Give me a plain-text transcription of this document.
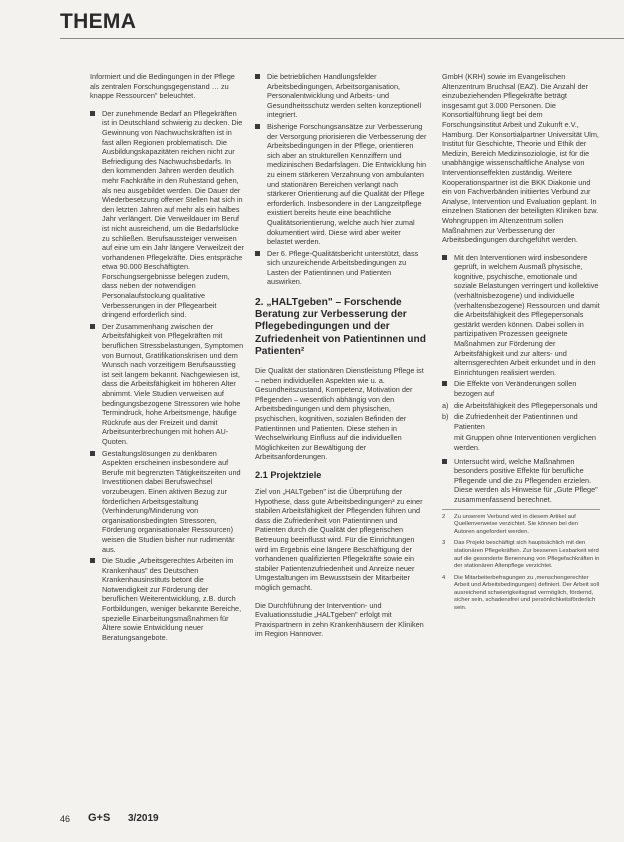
THEMA

Informiert und die Bedingungen in der Pflege als zentralen Forschungsgegenstand … zu knappe Ressourcen" beleuchtet.

Der zunehmende Bedarf an Pflegekräften ist in Deutschland schwierig zu decken. Die Gewinnung von Nachwuchskräften ist in fast allen Regionen problematisch. Die Ausbildungskapazitäten reichen nicht zur Befriedigung des Nachwuchsbedarfs. In den kommenden Jahren werden deutlich mehr Fachkräfte in den Ruhestand gehen, als neu ausgebildet werden. Die Dauer der Wiederbesetzung offener Stellen hat sich in den letzten Jahren auf mehr als ein halbes Jahr verlängert. Die Verweildauer im Beruf ist nicht ausreichend, um die Bedarfslücke zu schließen. Berufsaussteiger verweisen auf eine um ein Jahr längere Verweilzeit der vorhandenen Pflegekräfte. Dies entspräche etwa 90.000 Beschäftigten. Forschungsergebnisse belegen zudem, dass neben der notwendigen Personalaufstockung qualitative Verbesserungen in der Pflegearbeit dringend erforderlich sind.
Der Zusammenhang zwischen der Arbeitsfähigkeit von Pflegekräften mit beruflichen Stressbelastungen, Symptomen von Burnout, Gratifikationskrisen und dem Wunsch nach vorzeitigem Berufsausstieg ist seit langem bekannt. Nachgewiesen ist, dass die Arbeitsfähigkeit im höheren Alter abnimmt. Viele Studien verweisen auf bedingungsbezogene Stressoren wie hohe Termindruck, hohe Arbeitsmenge, häufige Rückrufe aus der Freizeit und damit Arbeitsunterbrechungen mit hohen AU-Quoten.
Gestaltungslösungen zu denkbaren Aspekten erscheinen insbesondere auf Berufe mit begrenzten Tätigkeitszeiten und Investitionen dabei Berufswechsel vorzubeugen. Einen aktiven Bezug zur förderlichen Arbeitsgestaltung (Verhinderung/Minderung von organisationsbedingten Stressoren, Förderung organisationaler Ressourcen) weisen die Studien bisher nur rudimentär aus.
Die Studie „Arbeitsgerechtes Arbeiten im Krankenhaus" des Deutschen Krankenhausinstituts betont die Notwendigkeit zur Förderung der beruflichen Weiterentwicklung, z.B. durch Fortbildungen, weniger bekannte Bereiche, spezielle Einarbeitungsmaßnahmen für Ältere sowie Entwicklung neuer Beratungsangebote.
Die betrieblichen Handlungsfelder Arbeitsbedingungen, Arbeitsorganisation, Personalentwicklung und Arbeits- und Gesundheitsschutz werden selten konzeptionell integriert.
Bisherige Forschungsansätze zur Verbesserung der Versorgung priorisieren die Verbesserung der Arbeitsbedingungen in der Pflege, orientieren sich aber an strukturellen Kennziffern und medizinischen Bedarfslagen. Die Entwicklung hin zu einem stärkeren Verzahnung von ambulanten und stationären Bereichen verlangt nach stärkerer Orientierung auf die Qualität der Pflege erforderlich. Insbesondere in der Langzeitpflege existiert bereits heute eine beachtliche Qualitätsorientierung, welche auch hier zumal dokumentiert wird. Diese wird aber weiter belastet werden.
Der 6. Pflege-Qualitätsbericht unterstützt, dass sich unzureichende Arbeitsbedingungen zu Lasten der Patientinnen und Patienten auswirken.
2. „HALTgeben" – Forschende Beratung zur Verbesserung der Pflegebedingungen und der Zufriedenheit von Patientinnen und Patienten²

Die Qualität der stationären Dienstleistung Pflege ist – neben individuellen Aspekten wie u. a. Gesundheitszustand, Kompetenz, Motivation der Pflegenden – wesentlich abhängig von den Arbeitsbedingungen und dem physischen, psychischen, kognitiven, sozialen Befinden der Patientinnen und Patienten. Diese stehen in Wechselwirkung Einfluss auf die individuellen Möglichkeiten zur Bewältigung der Arbeitsanforderungen.

2.1 Projektziele

Ziel von „HALTgeben" ist die Überprüfung der Hypothese, dass gute Arbeitsbedingungen³ zu einer stabilen Arbeitsfähigkeit der Pflegenden führen und dass die Zufriedenheit von Patientinnen und Patienten durch die Qualität der pflegerischen Betreuung beeinflusst wird. Für die Einrichtungen wird im Ergebnis eine längere Beschäftigung der vorhandenen qualifizierten Pflegekräfte sowie ein stabiler Patientenzufriedenheit und Anreize neuer Umgestaltungen im Bewusstsein der Mitarbeiter möglich gemacht.

Die Durchführung der Intervention- und Evaluationsstudie „HALTgeben" erfolgt mit Praxispartnern in zehn Krankenhäusern der Kliniken im Region Hannover.

GmbH (KRH) sowie im Evangelischen Altenzentrum Bruchsal (EAZ). Die Anzahl der einzubeziehenden Pflegekräfte beträgt insgesamt gut 3.000 Personen. Die Konsortialführung liegt bei dem Forschungsinstitut Arbeit und Zukunft e.V., Hamburg. Der Konsortialpartner Universität Ulm, Institut für Geschichte, Theorie und Ethik der Medizin, Bereich Medizinsoziologie, ist für die unabhängige wissenschaftliche Analyse von Interventionseffekten zuständig. Weitere Kooperationspartner ist die BKK Diakonie und ein von Fachverbänden initiiertes Verbund zur Analyse, Intervention und Evaluation geplant. In einzelnen Stationen der beteiligten Kliniken bzw. Wohngruppen im Altenzentrum sollen Maßnahmen zur Verbesserung der Arbeitsbedingungen durchgeführt werden.

Mit den Interventionen wird insbesondere geprüft, in welchem Ausmaß physische, kognitive, psychische, emotionale und soziale Belastungen verringert und kollektive (verhältnisbezogene) und individuelle (verhaltensbezogene) Ressourcen und damit die Arbeitsfähigkeit des Pflegepersonals gestärkt werden können. Dabei sollen in partizipativen Prozessen geeignete Maßnahmen zur Förderung der Arbeitsfähigkeit und zur alters- und alternsgerechten Arbeit erkundet und in den Einrichtungen realisiert werden.
Die Effekte von Veränderungen sollen bezogen auf
a) die Arbeitsfähigkeit des Pflegepersonals und
b) die Zufriedenheit der Patientinnen und Patienten
mit Gruppen ohne Interventionen verglichen werden.
Untersucht wird, welche Maßnahmen besonders positive Effekte für berufliche Pflegende und die zu Pflegenden erzielen. Diese werden als Hinweise für „Gute Pflege" zusammenfassend berechnet.
2 Zu unserem Verbund wird in diesem Artikel auf Quellenverweise verzichtet. Sie können bei den Autoren angefordert werden.
3 Das Projekt beschäftigt sich hauptsächlich mit den stationären Pflegekräften. Zur besseren Lesbarkeit wird auf die gesonderte Benennung von Pflegefachkräften in der stationären Altenpflege verzichtet.
4 Die Mitarbeiterbefragungen zu ,menschengerechter Arbeit und Arbeitsbedingungen) definiert. Der Arbeit soll ausreichend schwierigkeitsgrad vermöglich, fördernd, sicher sein, schadensfrei und persönlichkeitsförderlich sein.
46 G+S 3/2019
